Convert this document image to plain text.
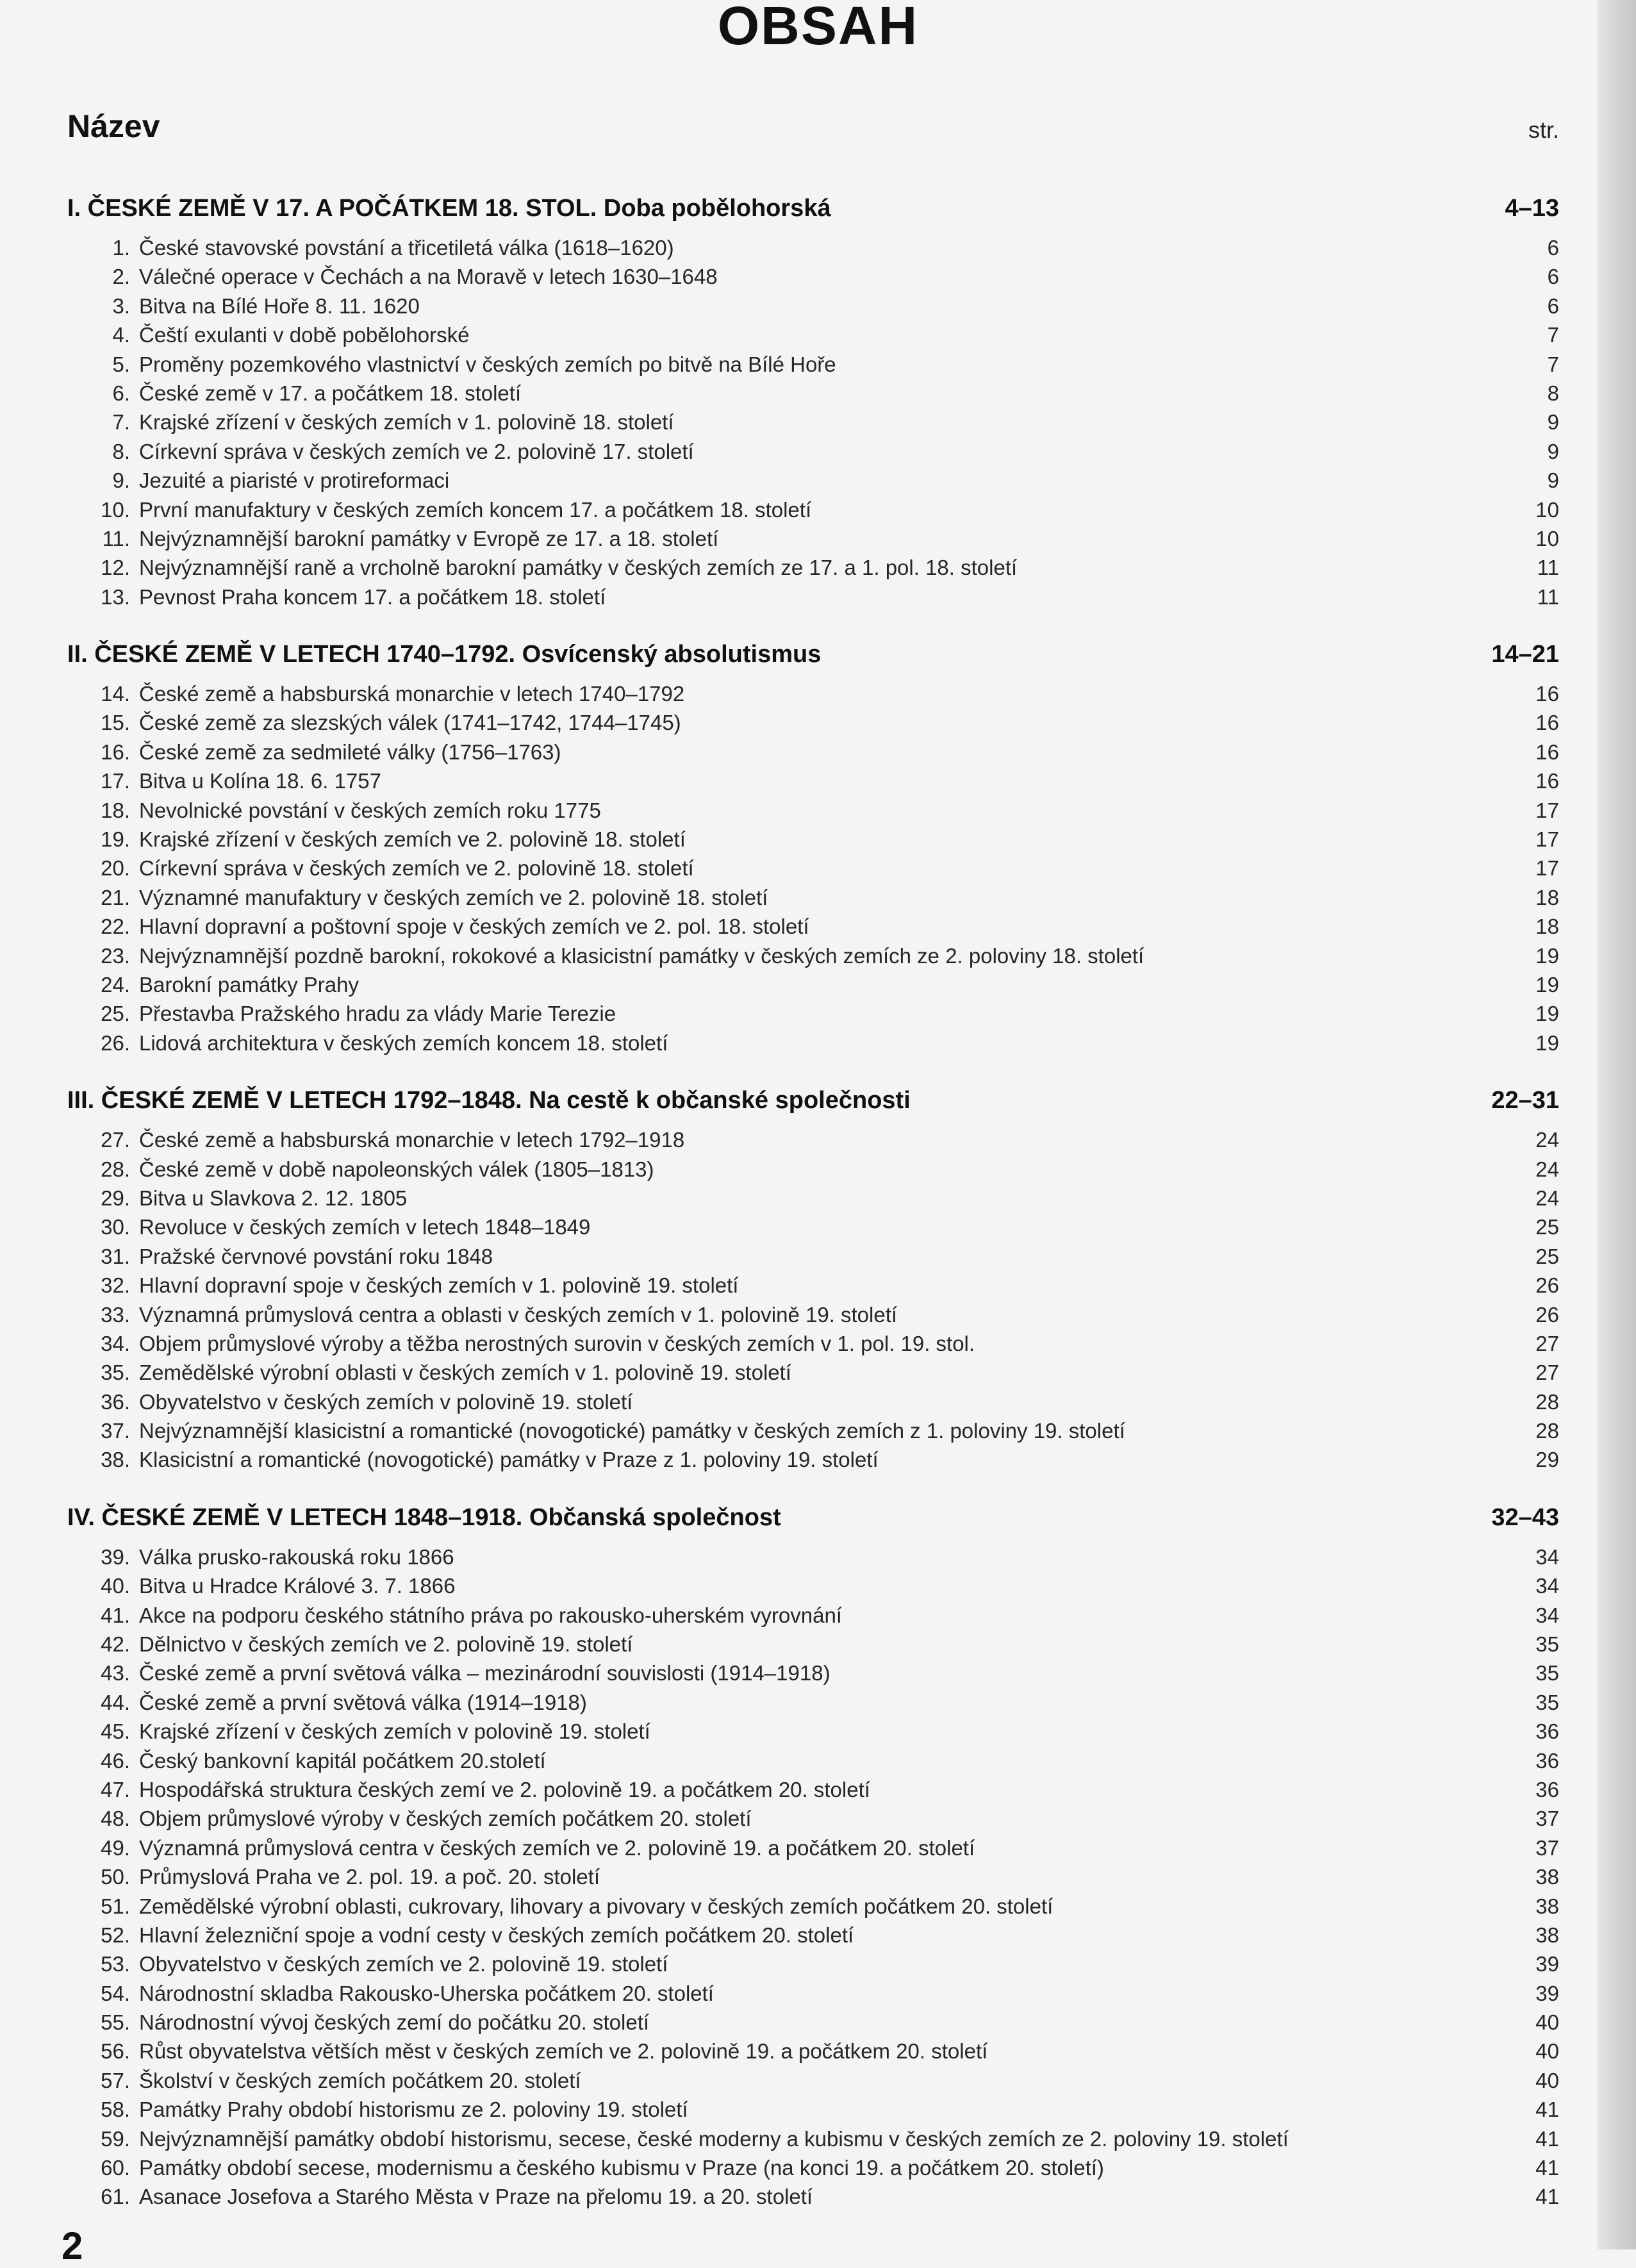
OBSAH
Název	str.
I. ČESKÉ ZEMĚ V 17. A POČÁTKEM 18. STOL. Doba pobělohorská	4–13
1. České stavovské povstání a třicetiletá válka (1618–1620)	6
2. Válečné operace v Čechách a na Moravě v letech 1630–1648	6
3. Bitva na Bílé Hoře 8. 11. 1620	6
4. Čeští exulanti v době pobělohorské	7
5. Proměny pozemkového vlastnictví v českých zemích po bitvě na Bílé Hoře	7
6. České země v 17. a počátkem 18. století	8
7. Krajské zřízení v českých zemích v 1. polovině 18. století	9
8. Církevní správa v českých zemích ve 2. polovině 17. století	9
9. Jezuité a piaristé v protireformaci	9
10. První manufaktury v českých zemích koncem 17. a počátkem 18. století	10
11. Nejvýznamnější barokní památky v Evropě ze 17. a 18. století	10
12. Nejvýznamnější raně a vrcholně barokní památky v českých zemích ze 17. a 1. pol. 18. století	11
13. Pevnost Praha koncem 17. a počátkem 18. století	11
II. ČESKÉ ZEMĚ V LETECH 1740–1792. Osvícenský absolutismus	14–21
14. České země a habsburská monarchie v letech 1740–1792	16
15. České země za slezských válek (1741–1742, 1744–1745)	16
16. České země za sedmileté války (1756–1763)	16
17. Bitva u Kolína 18. 6. 1757	16
18. Nevolnické povstání v českých zemích roku 1775	17
19. Krajské zřízení v českých zemích ve 2. polovině 18. století	17
20. Církevní správa v českých zemích ve 2. polovině 18. století	17
21. Významné manufaktury v českých zemích ve 2. polovině 18. století	18
22. Hlavní dopravní a poštovní spoje v českých zemích ve 2. pol. 18. století	18
23. Nejvýznamnější pozdně barokní, rokokové a klasicistní památky v českých zemích ze 2. poloviny 18. století	19
24. Barokní památky Prahy	19
25. Přestavba Pražského hradu za vlády Marie Terezie	19
26. Lidová architektura v českých zemích koncem 18. století	19
III. ČESKÉ ZEMĚ V LETECH 1792–1848. Na cestě k občanské společnosti	22–31
27. České země a habsburská monarchie v letech 1792–1918	24
28. České země v době napoleonských válek (1805–1813)	24
29. Bitva u Slavkova 2. 12. 1805	24
30. Revoluce v českých zemích v letech 1848–1849	25
31. Pražské červnové povstání roku 1848	25
32. Hlavní dopravní spoje v českých zemích v 1. polovině 19. století	26
33. Významná průmyslová centra a oblasti v českých zemích v 1. polovině 19. století	26
34. Objem průmyslové výroby a těžba nerostných surovin v českých zemích v 1. pol. 19. stol.	27
35. Zemědělské výrobní oblasti v českých zemích v 1. polovině 19. století	27
36. Obyvatelstvo v českých zemích v polovině 19. století	28
37. Nejvýznamnější klasicistní a romantické (novogotické) památky v českých zemích z 1. poloviny 19. století	28
38. Klasicistní a romantické (novogotické) památky v Praze z 1. poloviny 19. století	29
IV. ČESKÉ ZEMĚ V LETECH 1848–1918. Občanská společnost	32–43
39. Válka prusko-rakouská roku 1866	34
40. Bitva u Hradce Králové 3. 7. 1866	34
41. Akce na podporu českého státního práva po rakousko-uherském vyrovnání	34
42. Dělnictvo v českých zemích ve 2. polovině 19. století	35
43. České země a první světová válka – mezinárodní souvislosti (1914–1918)	35
44. České země a první světová válka (1914–1918)	35
45. Krajské zřízení v českých zemích v polovině 19. století	36
46. Český bankovní kapitál počátkem 20.století	36
47. Hospodářská struktura českých zemí ve 2. polovině 19. a počátkem 20. století	36
48. Objem průmyslové výroby v českých zemích počátkem 20. století	37
49. Významná průmyslová centra v českých zemích ve 2. polovině 19. a počátkem 20. století	37
50. Průmyslová Praha ve 2. pol. 19. a poč. 20. století	38
51. Zemědělské výrobní oblasti, cukrovary, lihovary a pivovary v českých zemích počátkem 20. století	38
52. Hlavní železniční spoje a vodní cesty v českých zemích počátkem 20. století	38
53. Obyvatelstvo v českých zemích ve 2. polovině 19. století	39
54. Národnostní skladba Rakousko-Uherska počátkem 20. století	39
55. Národnostní vývoj českých zemí do počátku 20. století	40
56. Růst obyvatelstva větších měst v českých zemích ve 2. polovině 19. a počátkem 20. století	40
57. Školství v českých zemích počátkem 20. století	40
58. Památky Prahy období historismu ze 2. poloviny 19. století	41
59. Nejvýznamnější památky období historismu, secese, české moderny a kubismu v českých zemích ze 2. poloviny 19. století	41
60. Památky období secese, modernismu a českého kubismu v Praze (na konci 19. a počátkem 20. století)	41
61. Asanace Josefova a Starého Města v Praze na přelomu 19. a 20. století	41
2
